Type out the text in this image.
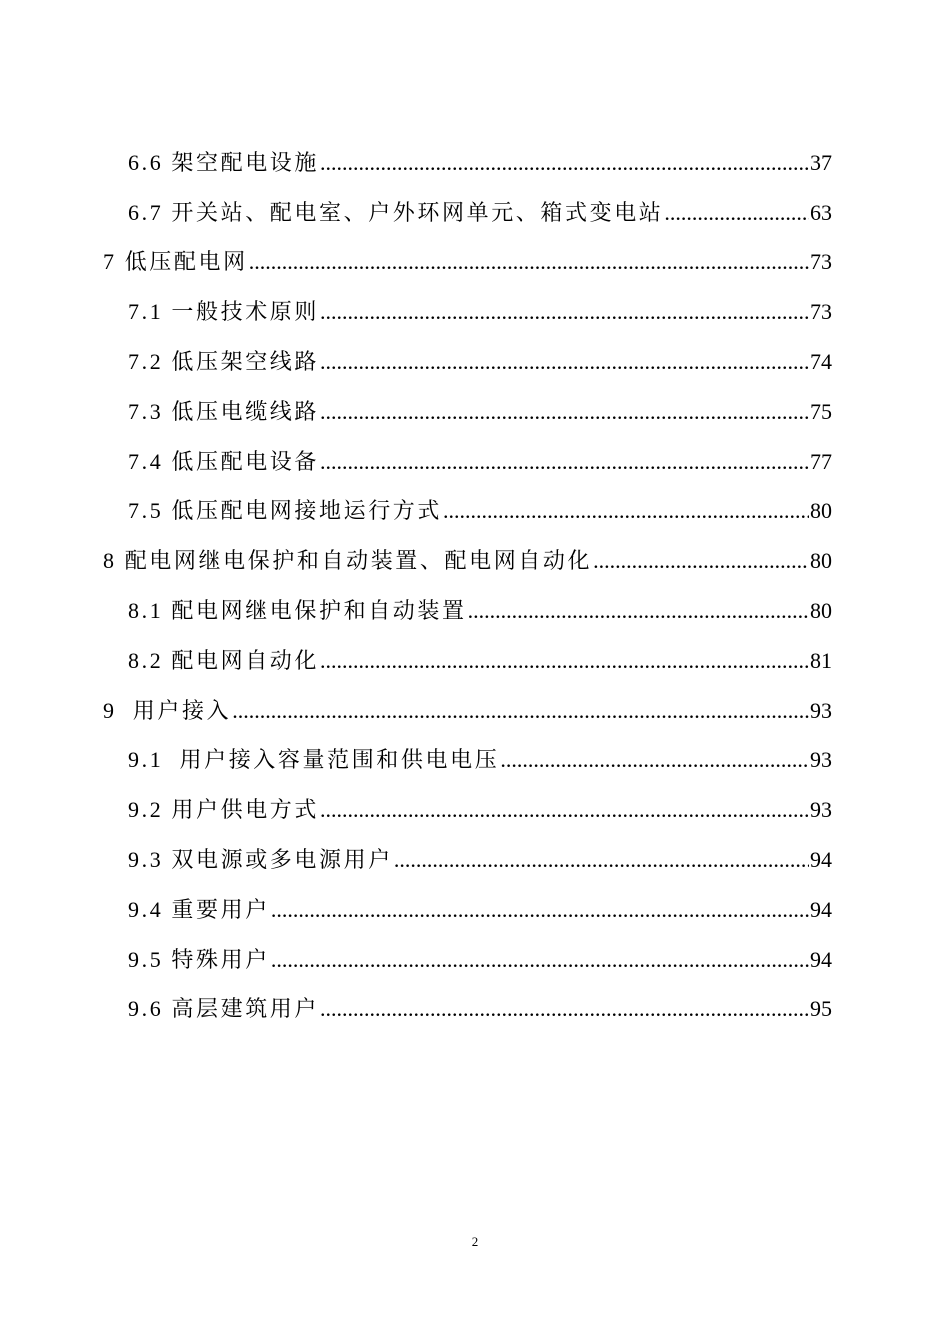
6.6 架空配电设施 .....	37
6.7 开关站、配电室、户外环网单元、箱式变电站 .....	63
7 低压配电网 .....	73
7.1 一般技术原则 .....	73
7.2 低压架空线路 .....	74
7.3 低压电缆线路 .....	75
7.4 低压配电设备 .....	77
7.5 低压配电网接地运行方式 .....	80
8 配电网继电保护和自动装置、配电网自动化 .....	80
8.1 配电网继电保护和自动装置 .....	80
8.2 配电网自动化 .....	81
9  用户接入 .....	93
9.1  用户接入容量范围和供电电压 .....	93
9.2 用户供电方式 .....	93
9.3 双电源或多电源用户 .....	94
9.4 重要用户 .....	94
9.5 特殊用户 .....	94
9.6 高层建筑用户 .....	95
2
